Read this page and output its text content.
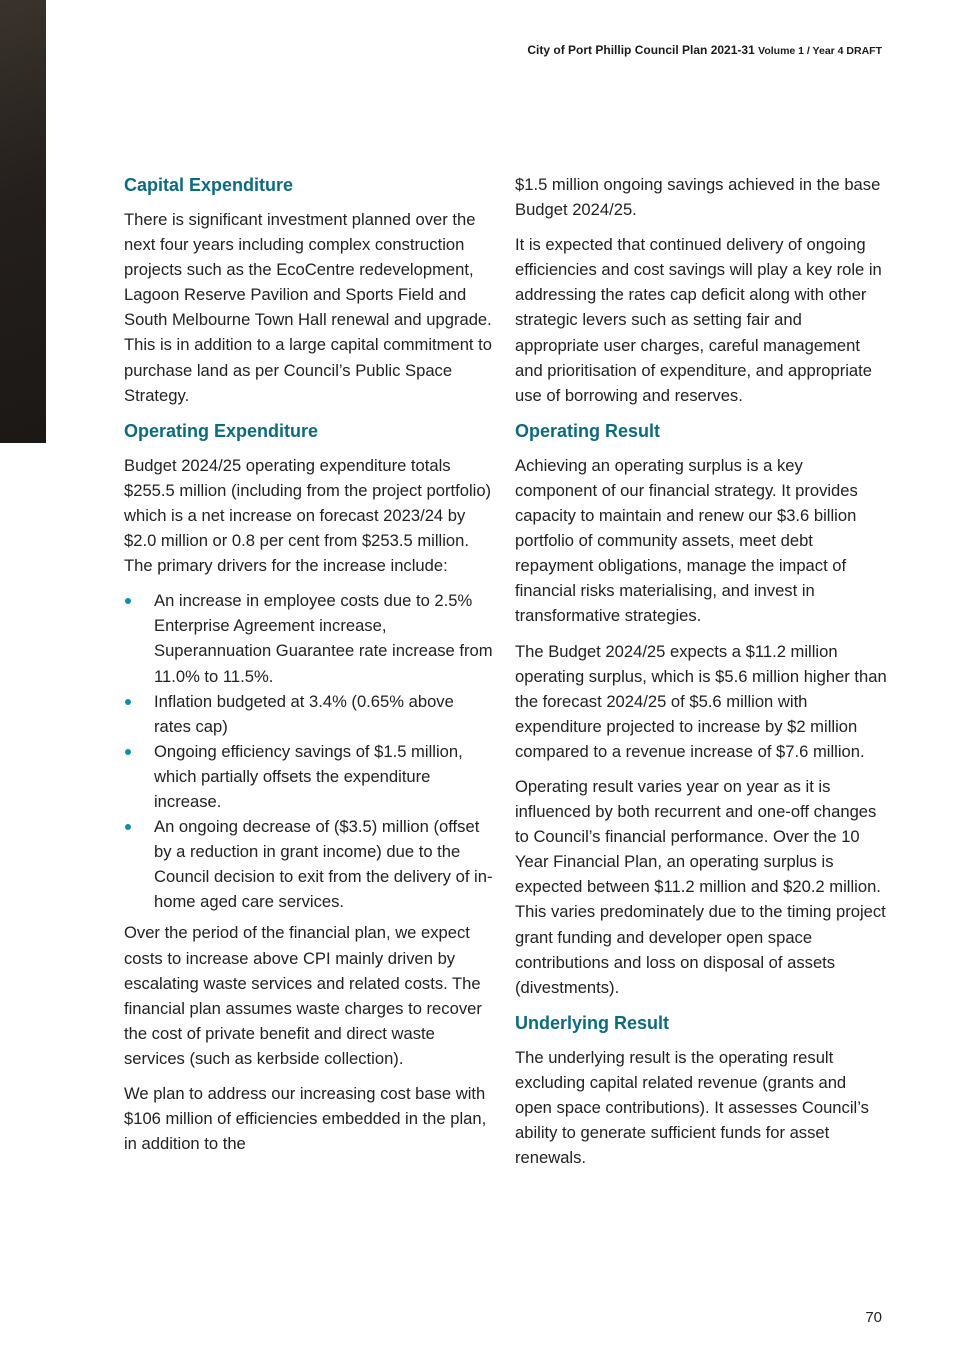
City of Port Phillip Council Plan 2021-31 Volume 1 / Year 4 DRAFT
Capital Expenditure

There is significant investment planned over the next four years including complex construction projects such as the EcoCentre redevelopment, Lagoon Reserve Pavilion and Sports Field and South Melbourne Town Hall renewal and upgrade. This is in addition to a large capital commitment to purchase land as per Council’s Public Space Strategy.

Operating Expenditure

Budget 2024/25 operating expenditure totals $255.5 million (including from the project portfolio) which is a net increase on forecast 2023/24 by $2.0 million or 0.8 per cent from $253.5 million. The primary drivers for the increase include:

An increase in employee costs due to 2.5% Enterprise Agreement increase, Superannuation Guarantee rate increase from 11.0% to 11.5%.
Inflation budgeted at 3.4% (0.65% above rates cap)
Ongoing efficiency savings of $1.5 million, which partially offsets the expenditure increase.
An ongoing decrease of ($3.5) million (offset by a reduction in grant income) due to the Council decision to exit from the delivery of in-home aged care services.

Over the period of the financial plan, we expect costs to increase above CPI mainly driven by escalating waste services and related costs. The financial plan assumes waste charges to recover the cost of private benefit and direct waste services (such as kerbside collection).

We plan to address our increasing cost base with $106 million of efficiencies embedded in the plan, in addition to the

$1.5 million ongoing savings achieved in the base Budget 2024/25.

It is expected that continued delivery of ongoing efficiencies and cost savings will play a key role in addressing the rates cap deficit along with other strategic levers such as setting fair and appropriate user charges, careful management and prioritisation of expenditure, and appropriate use of borrowing and reserves.

Operating Result

Achieving an operating surplus is a key component of our financial strategy. It provides capacity to maintain and renew our $3.6 billion portfolio of community assets, meet debt repayment obligations, manage the impact of financial risks materialising, and invest in transformative strategies.

The Budget 2024/25 expects a $11.2 million operating surplus, which is $5.6 million higher than the forecast 2024/25 of $5.6 million with expenditure projected to increase by $2 million compared to a revenue increase of $7.6 million.

Operating result varies year on year as it is influenced by both recurrent and one-off changes to Council’s financial performance. Over the 10 Year Financial Plan, an operating surplus is expected between $11.2 million and $20.2 million. This varies predominately due to the timing project grant funding and developer open space contributions and loss on disposal of assets (divestments).

Underlying Result

The underlying result is the operating result excluding capital related revenue (grants and open space contributions). It assesses Council’s ability to generate sufficient funds for asset renewals.

70
